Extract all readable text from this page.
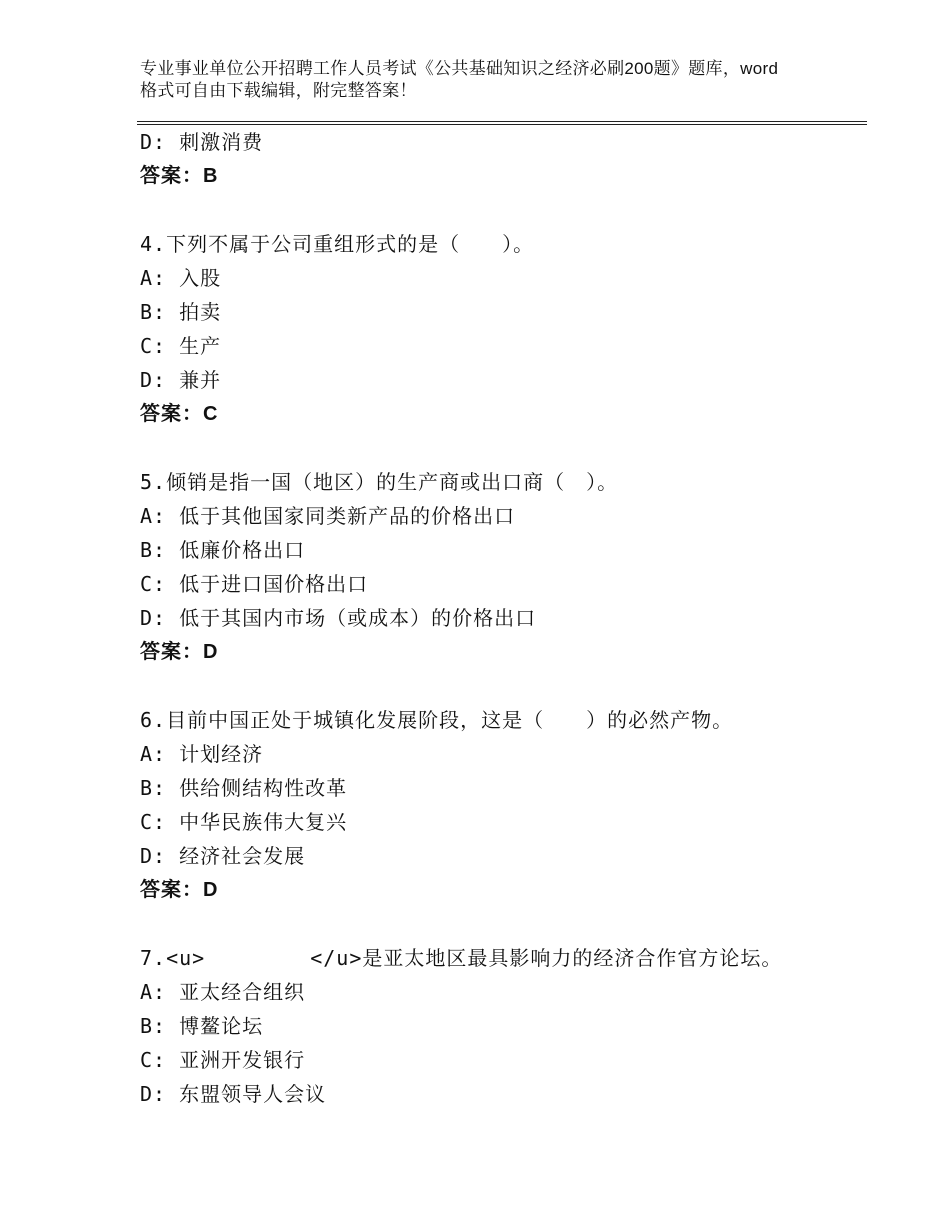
专业事业单位公开招聘工作人员考试《公共基础知识之经济必刷200题》题库，word格式可自由下载编辑，附完整答案！

D: 刺激消费
答案：B
4.下列不属于公司重组形式的是（　　）。
A: 入股
B: 拍卖
C: 生产
D: 兼并
答案：C
5.倾销是指一国（地区）的生产商或出口商（　）。
A: 低于其他国家同类新产品的价格出口
B: 低廉价格出口
C: 低于进口国价格出口
D: 低于其国内市场（或成本）的价格出口
答案：D
6.目前中国正处于城镇化发展阶段，这是（　　）的必然产物。
A: 计划经济
B: 供给侧结构性改革
C: 中华民族伟大复兴
D: 经济社会发展
答案：D
7.<u>　　　　　</u>是亚太地区最具影响力的经济合作官方论坛。
A: 亚太经合组织
B: 博鳌论坛
C: 亚洲开发银行
D: 东盟领导人会议
